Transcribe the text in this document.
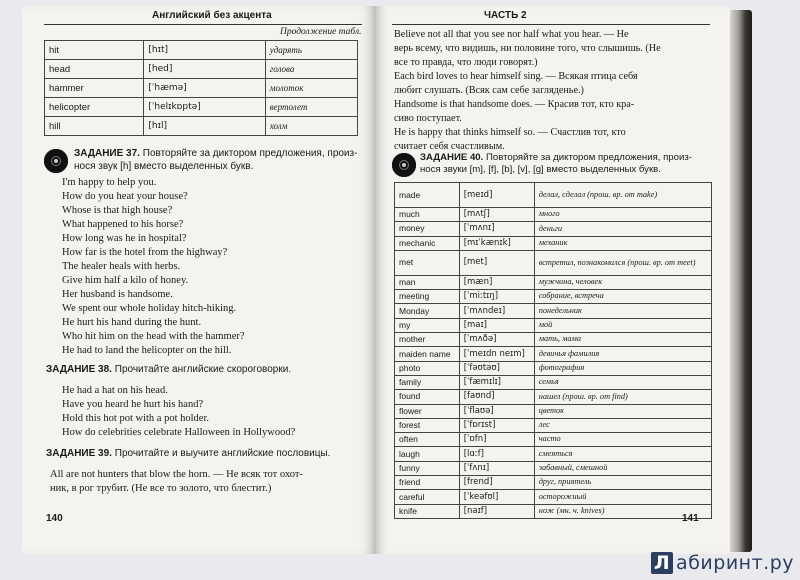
Английский без акцента
Продолжение табл.
hit	[hɪt]	ударять
head	[hed]	голова
hammer	[ˈhæmə]	молоток
helicopter	[ˈhelɪkɒptə]	вертолет
hill	[hɪl]	холм
ЗАДАНИЕ 37. Повторяйте за диктором предложения, произ-
нося звук [h] вместо выделенных букв.
I'm happy to help you.
How do you heat your house?
Whose is that high house?
What happened to his horse?
How long was he in hospital?
How far is the hotel from the highway?
The healer heals with herbs.
Give him half a kilo of honey.
Her husband is handsome.
We spent our whole holiday hitch-hiking.
He hurt his hand during the hunt.
Who hit him on the head with the hammer?
He had to land the helicopter on the hill.
ЗАДАНИЕ 38. Прочитайте английские скороговорки.
He had a hat on his head.
Have you heard he hurt his hand?
Hold this hot pot with a pot holder.
How do celebrities celebrate Halloween in Hollywood?
ЗАДАНИЕ 39. Прочитайте и выучите английские пословицы.
All are not hunters that blow the horn. — Не всяк тот охот-
ник, в рог трубит. (Не все то золото, что блестит.)
140
ЧАСТЬ 2
Believe not all that you see nor half what you hear. — Не
верь всему, что видишь, ни половине того, что слышишь. (Не
все то правда, что люди говорят.)
Each bird loves to hear himself sing. — Всякая птица себя
любит слушать. (Всяк сам себе загляденье.)
Handsome is that handsome does. — Красив тот, кто кра-
сиво поступает.
He is happy that thinks himself so. — Счастлив тот, кто
считает себя счастливым.
ЗАДАНИЕ 40. Повторяйте за диктором предложения, произ-
нося звуки [m], [f], [b], [v], [g] вместо выделенных букв.
made	[meɪd]	делал, сделал (прош. вр. от make)
much	[mʌtʃ]	много
money	[ˈmʌnɪ]	деньги
mechanic	[mɪˈkænɪk]	механик
met	[met]	встретил, познакомился (прош. вр. от meet)
man	[mæn]	мужчина, человек
meeting	[ˈmiːtɪŋ]	собрание, встреча
Monday	[ˈmʌndeɪ]	понедельник
my	[maɪ]	мой
mother	[ˈmʌðə]	мать, мама
maiden name	[ˈmeɪdn neɪm]	девичья фамилия
photo	[ˈfəʊtəʊ]	фотография
family	[ˈfæmɪlɪ]	семья
found	[faʊnd]	нашел (прош. вр. от find)
flower	[ˈflaʊə]	цветок
forest	[ˈfɒrɪst]	лес
often	[ˈɒfn]	часто
laugh	[lɑːf]	смеяться
funny	[ˈfʌnɪ]	забавный, смешной
friend	[frend]	друг, приятель
careful	[ˈkeəfʊl]	осторожный
knife	[naɪf]	нож (мн. ч. knives)
141
Л абиринт.ру
